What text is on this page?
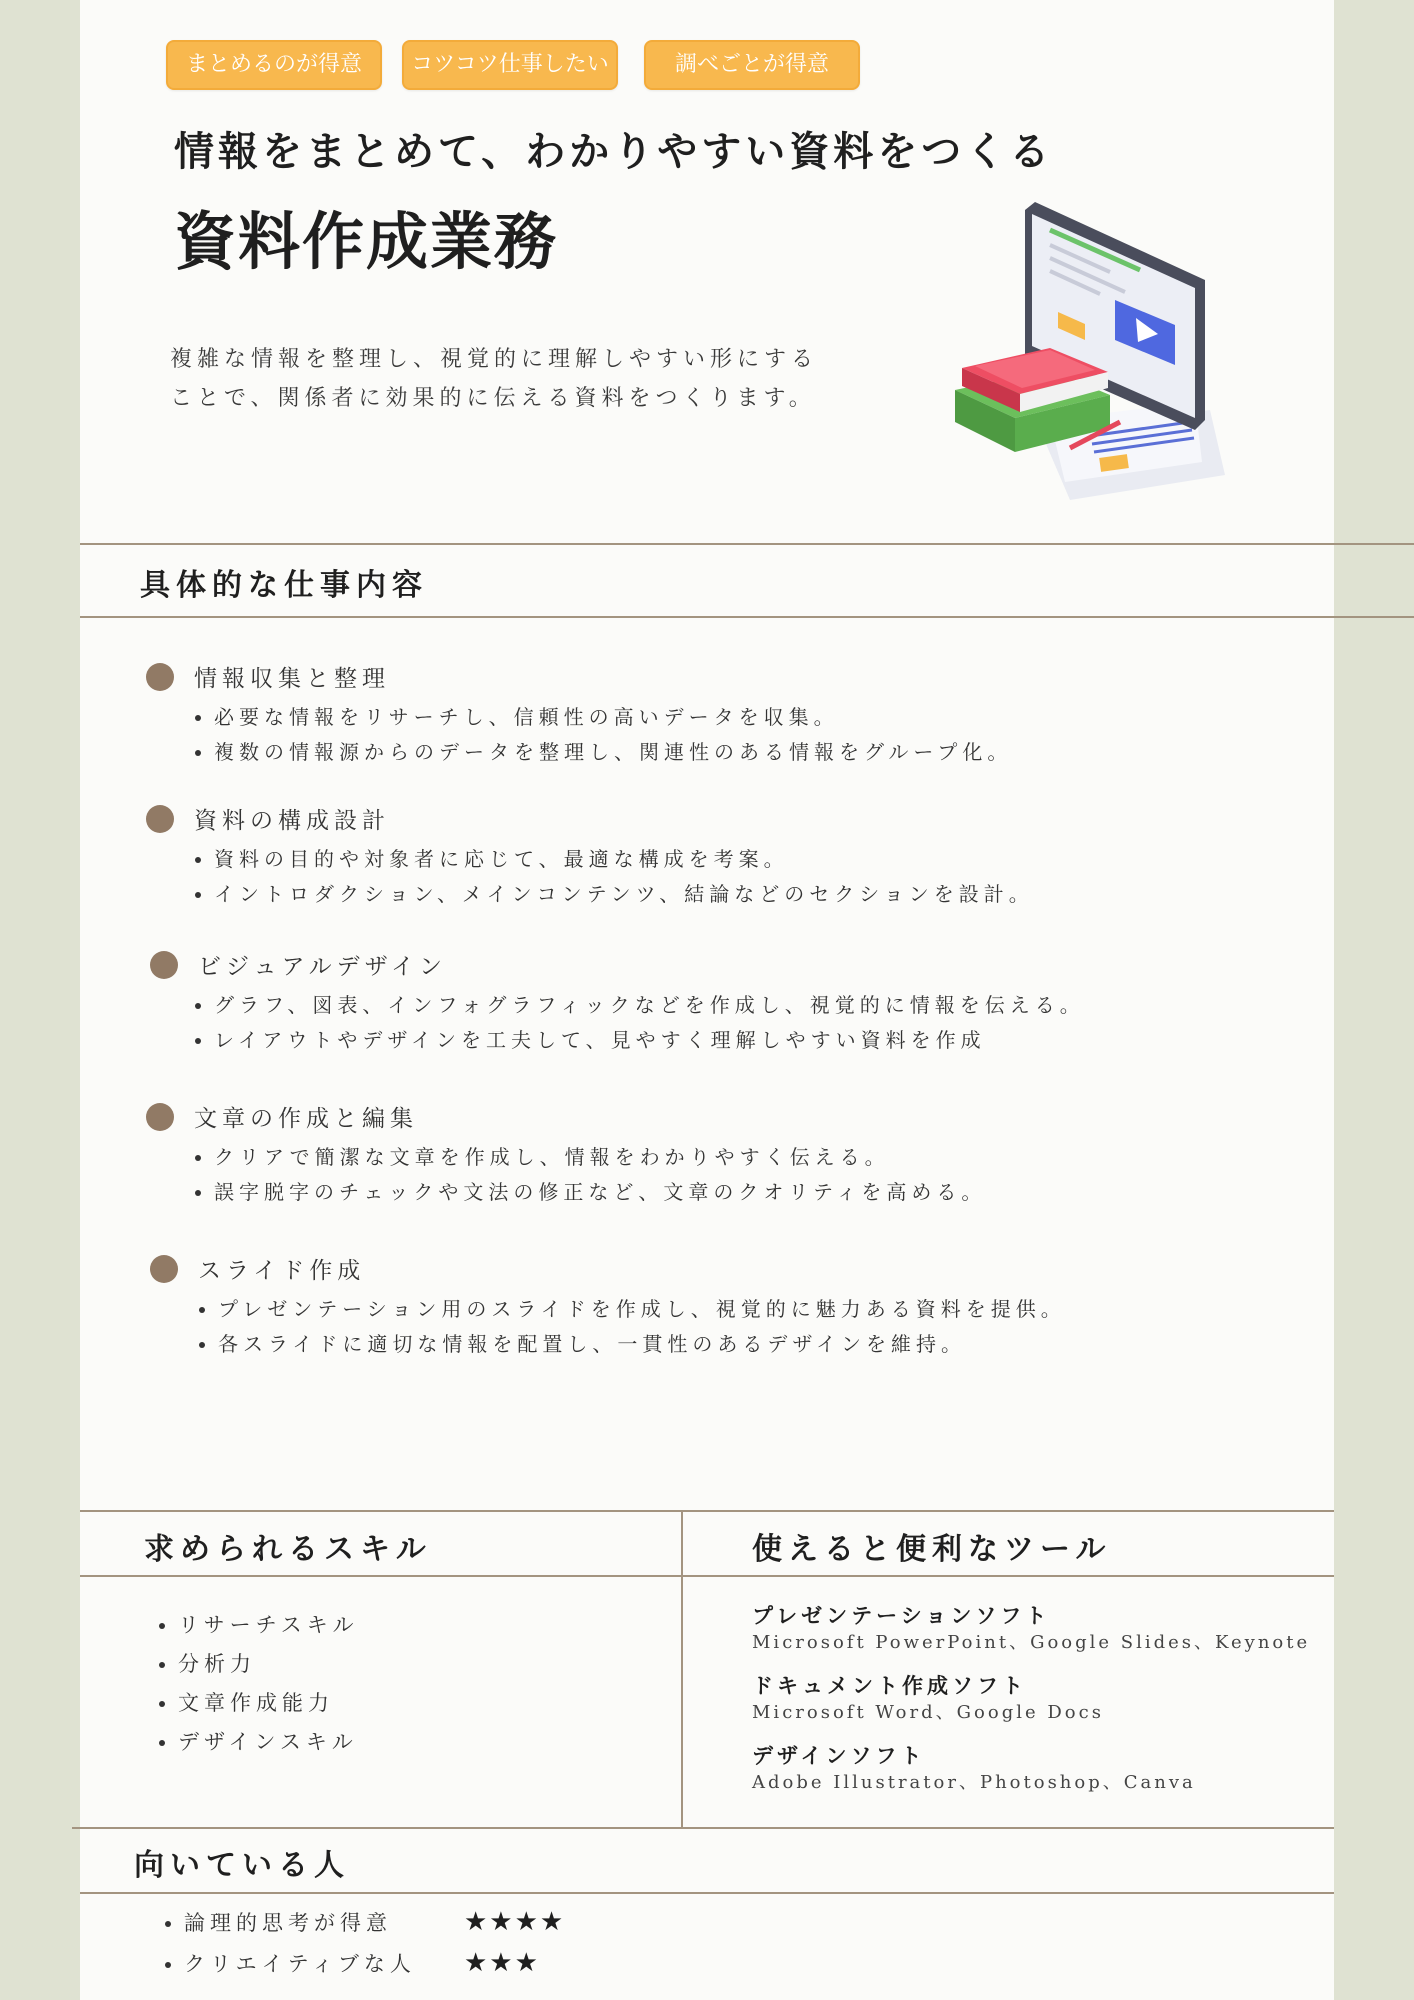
まとめるのが得意	コツコツ仕事したい	調べごとが得意
情報をまとめて、わかりやすい資料をつくる
資料作成業務
複雑な情報を整理し、視覚的に理解しやすい形にすることで、関係者に効果的に伝える資料をつくります。
具体的な仕事内容
情報収集と整理
• 必要な情報をリサーチし、信頼性の高いデータを収集。
• 複数の情報源からのデータを整理し、関連性のある情報をグループ化。
資料の構成設計
• 資料の目的や対象者に応じて、最適な構成を考案。
• イントロダクション、メインコンテンツ、結論などのセクションを設計。
ビジュアルデザイン
• グラフ、図表、インフォグラフィックなどを作成し、視覚的に情報を伝える。
• レイアウトやデザインを工夫して、見やすく理解しやすい資料を作成
文章の作成と編集
• クリアで簡潔な文章を作成し、情報をわかりやすく伝える。
• 誤字脱字のチェックや文法の修正など、文章のクオリティを高める。
スライド作成
• プレゼンテーション用のスライドを作成し、視覚的に魅力ある資料を提供。
• 各スライドに適切な情報を配置し、一貫性のあるデザインを維持。
求められるスキル	使えると便利なツール
• リサーチスキル
• 分析力
• 文章作成能力
• デザインスキル
プレゼンテーションソフト
Microsoft PowerPoint、Google Slides、Keynote
ドキュメント作成ソフト
Microsoft Word、Google Docs
デザインソフト
Adobe Illustrator、Photoshop、Canva
向いている人
• 論理的思考が得意	★★★★
• クリエイティブな人 ★★★
